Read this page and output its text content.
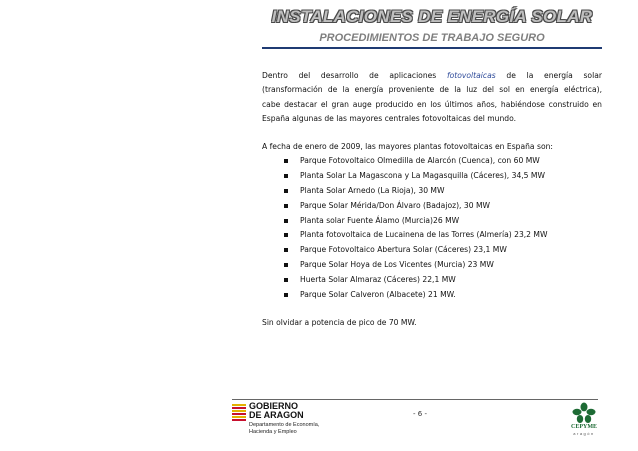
INSTALACIONES DE ENERGÍA SOLAR
PROCEDIMIENTOS DE TRABAJO SEGURO

Dentro del desarrollo de aplicaciones fotovoltaicas de la energía solar

(transformación de la energía proveniente de la luz del sol en energía eléctrica),

cabe destacar el gran auge producido en los últimos años, habiéndose construido en

España algunas de las mayores centrales fotovoltaicas del mundo.

A fecha de enero de 2009, las mayores plantas fotovoltaicas en España son:

Parque Fotovoltaico Olmedilla de Alarcón (Cuenca), con 60 MW
Planta Solar La Magascona y La Magasquilla (Cáceres), 34,5 MW
Planta Solar Arnedo (La Rioja), 30 MW
Parque Solar Mérida/Don Álvaro (Badajoz), 30 MW
Planta solar Fuente Álamo (Murcia)26 MW
Planta fotovoltaica de Lucainena de las Torres (Almería) 23,2 MW
Parque Fotovoltaico Abertura Solar (Cáceres) 23,1 MW
Parque Solar Hoya de Los Vicentes (Murcia) 23 MW
Huerta Solar Almaraz (Cáceres) 22,1 MW
Parque Solar Calveron (Albacete) 21 MW.

Sin olvidar a potencia de pico de 70 MW.

GOBIERNO
DE ARAGON
Departamento de Economía,
Hacienda y Empleo
- 6 -
CEPYME
aragón
